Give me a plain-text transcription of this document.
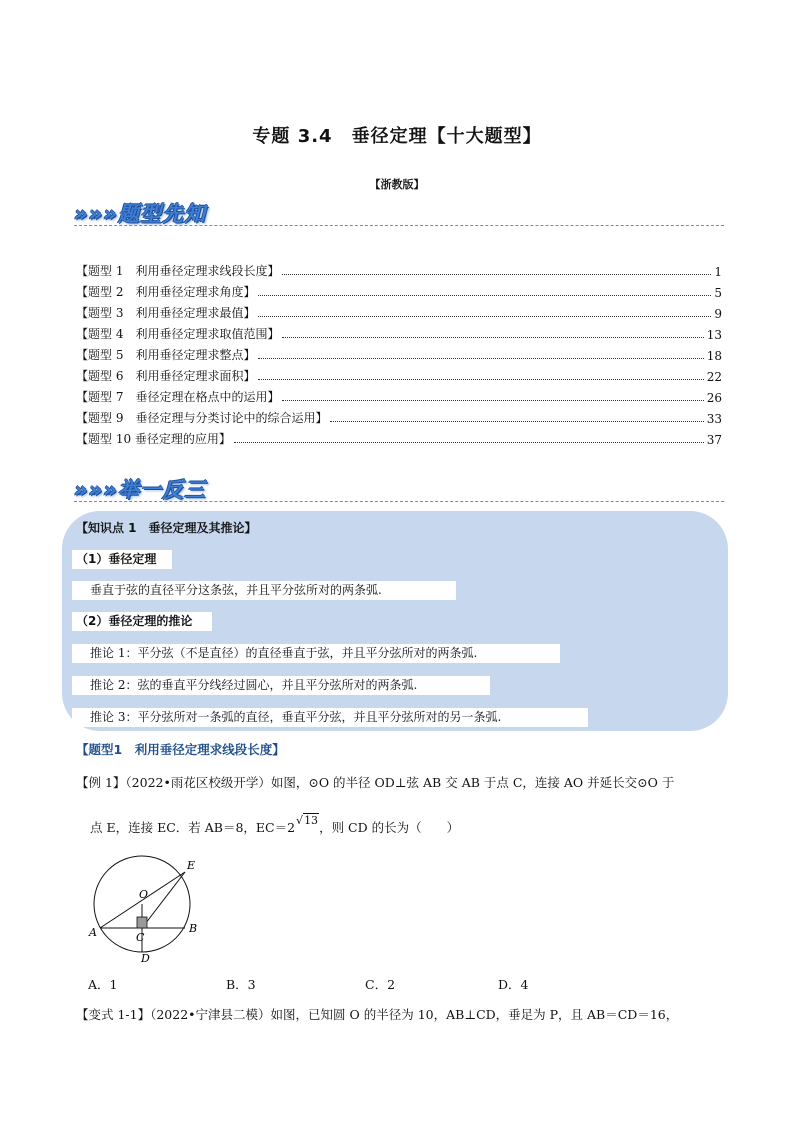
专题 3.4　垂径定理【十大题型】
【浙教版】
»»»题型先知
【题型 1　利用垂径定理求线段长度】	1
【题型 2　利用垂径定理求角度】	5
【题型 3　利用垂径定理求最值】	9
【题型 4　利用垂径定理求取值范围】	13
【题型 5　利用垂径定理求整点】	18
【题型 6　利用垂径定理求面积】	22
【题型 7　垂径定理在格点中的运用】	26
【题型 9　垂径定理与分类讨论中的综合运用】	33
【题型 10 垂径定理的应用】	37
»»»举一反三
【知识点 1　垂径定理及其推论】
（1）垂径定理
垂直于弦的直径平分这条弦，并且平分弦所对的两条弧.
（2）垂径定理的推论
推论 1：平分弦（不是直径）的直径垂直于弦，并且平分弦所对的两条弧.
推论 2：弦的垂直平分线经过圆心，并且平分弦所对的两条弧.
推论 3：平分弦所对一条弧的直径，垂直平分弦，并且平分弦所对的另一条弧.
【题型1　利用垂径定理求线段长度】
【例 1】（2022•雨花区校级开学）如图，⊙O 的半径 OD⊥弦 AB 交 AB 于点 C，连接 AO 并延长交⊙O 于
点 E，连接 EC．若 AB＝8，EC＝2√13，则 CD 的长为（　　）
O
E
A	B
C
D
A．1	B．3	C．2	D．4
【变式 1-1】（2022•宁津县二模）如图，已知圆 O 的半径为 10，AB⊥CD，垂足为 P，且 AB＝CD＝16，
